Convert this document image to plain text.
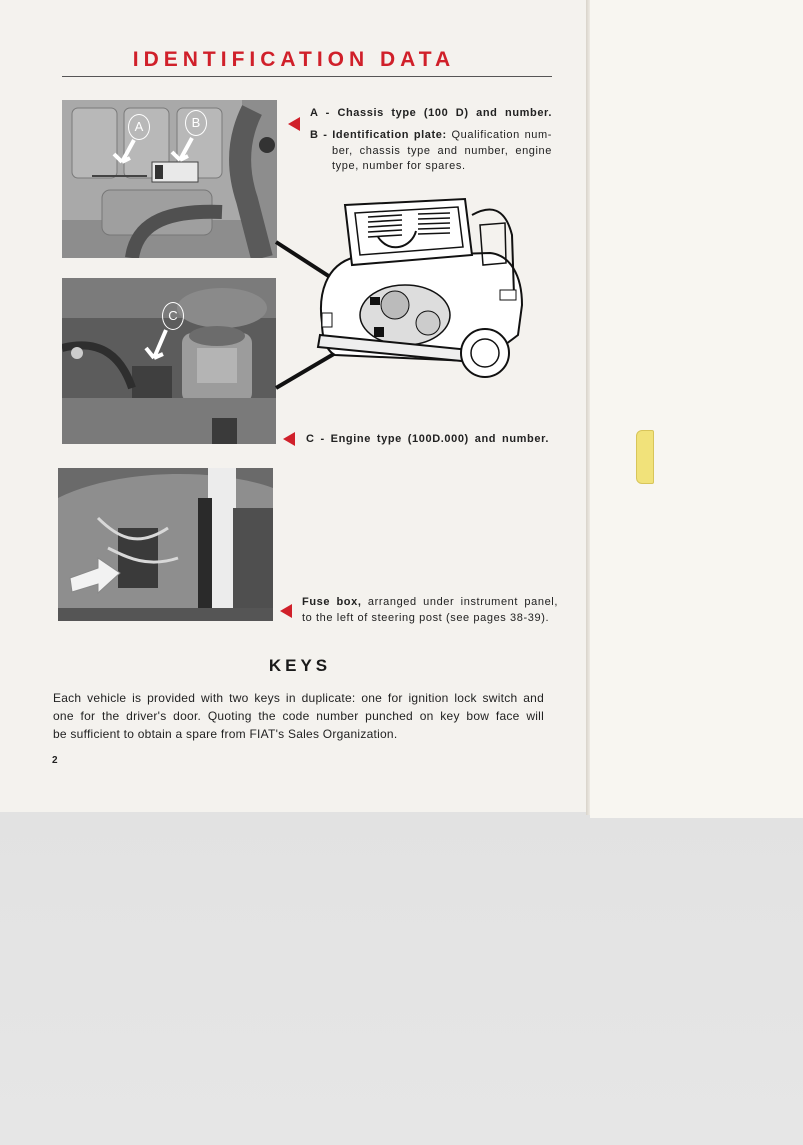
IDENTIFICATION DATA
A	B
C
A - Chassis type (100 D) and number.
B - Identification plate: Qualification num-
ber, chassis type and number, engine
type, number for spares.
C - Engine type (100D.000) and number.
Fuse box, arranged under instrument panel,
to the left of steering post (see pages 38-39).
KEYS
Each vehicle is provided with two keys in duplicate: one for ignition lock switch and
one for the driver's door. Quoting the code number punched on key bow face will
be sufficient to obtain a spare from FIAT's Sales Organization.
2
